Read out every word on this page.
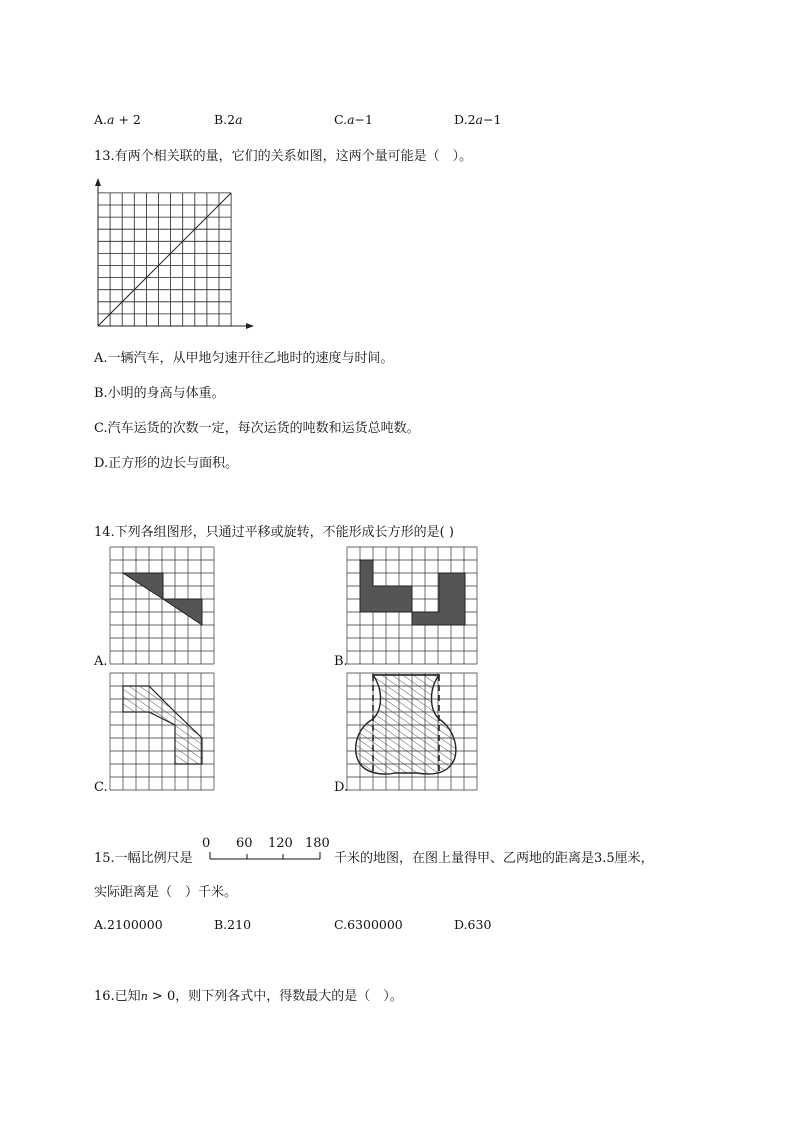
A.a + 2	B.2a	C.a−1	D.2a−1
13.有两个相关联的量，它们的关系如图，这两个量可能是（　）。
A.一辆汽车，从甲地匀速开往乙地时的速度与时间。
B.小明的身高与体重。
C.汽车运货的次数一定，每次运货的吨数和运货总吨数。
D.正方形的边长与面积。
14.下列各组图形，只通过平移或旋转，不能形成长方形的是( )
A.	B.
C.	D.
15.一幅比例尺是
0 60 120 180
千米的地图，在图上量得甲、乙两地的距离是3.5厘米，
实际距离是（　）千米。
A.2100000	B.210	C.6300000	D.630
16.已知n > 0，则下列各式中，得数最大的是（　）。
